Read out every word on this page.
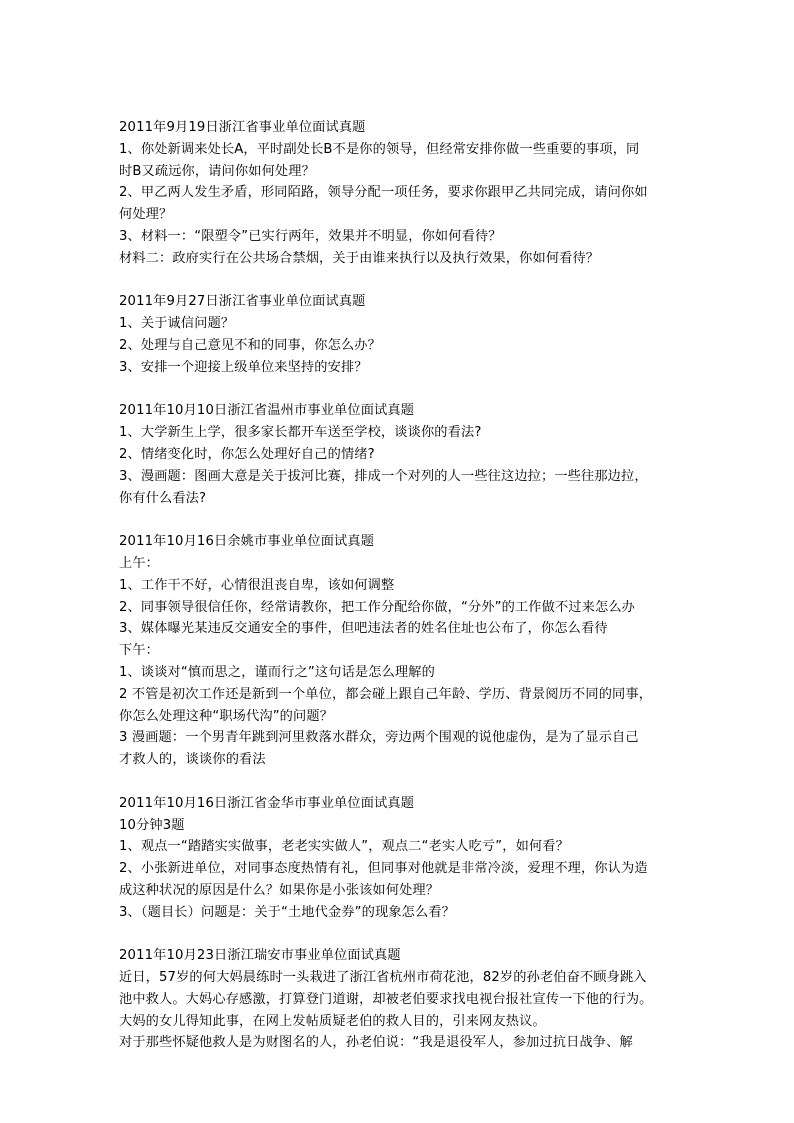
2011年9月19日浙江省事业单位面试真题
1、你处新调来处长A，平时副处长B不是你的领导，但经常安排你做一些重要的事项，同
时B又疏远你，请问你如何处理？
2、甲乙两人发生矛盾，形同陌路，领导分配一项任务，要求你跟甲乙共同完成，请问你如
何处理？
3、材料一：“限塑令”已实行两年，效果并不明显，你如何看待？
材料二：政府实行在公共场合禁烟，关于由谁来执行以及执行效果，你如何看待？
2011年9月27日浙江省事业单位面试真题
1、关于诚信问题？
2、处理与自己意见不和的同事，你怎么办？
3、安排一个迎接上级单位来坚持的安排？
2011年10月10日浙江省温州市事业单位面试真题
1、大学新生上学，很多家长都开车送至学校，谈谈你的看法?
2、情绪变化时，你怎么处理好自己的情绪?
3、漫画题：图画大意是关于拔河比赛，排成一个对列的人一些往这边拉；一些往那边拉，
你有什么看法?
2011年10月16日余姚市事业单位面试真题
上午：
1、工作干不好，心情很沮丧自卑，该如何调整
2、同事领导很信任你，经常请教你，把工作分配给你做，“分外”的工作做不过来怎么办
3、媒体曝光某违反交通安全的事件，但吧违法者的姓名住址也公布了，你怎么看待
下午：
1、谈谈对“慎而思之，谨而行之”这句话是怎么理解的
2 不管是初次工作还是新到一个单位，都会碰上跟自己年龄、学历、背景阅历不同的同事，
你怎么处理这种“职场代沟”的问题？
3 漫画题：一个男青年跳到河里救落水群众，旁边两个围观的说他虚伪，是为了显示自己
才救人的，谈谈你的看法
2011年10月16日浙江省金华市事业单位面试真题
10分钟3题
1、观点一“踏踏实实做事，老老实实做人”，观点二“老实人吃亏”，如何看？
2、小张新进单位，对同事态度热情有礼，但同事对他就是非常冷淡，爱理不理，你认为造
成这种状况的原因是什么？如果你是小张该如何处理？
3、（题目长）问题是：关于“土地代金券”的现象怎么看？
2011年10月23日浙江瑞安市事业单位面试真题
近日，57岁的何大妈晨练时一头栽进了浙江省杭州市荷花池，82岁的孙老伯奋不顾身跳入
池中救人。大妈心存感激，打算登门道谢，却被老伯要求找电视台报社宣传一下他的行为。
大妈的女儿得知此事，在网上发帖质疑老伯的救人目的，引来网友热议。
对于那些怀疑他救人是为财图名的人，孙老伯说：“我是退役军人，参加过抗日战争、解
